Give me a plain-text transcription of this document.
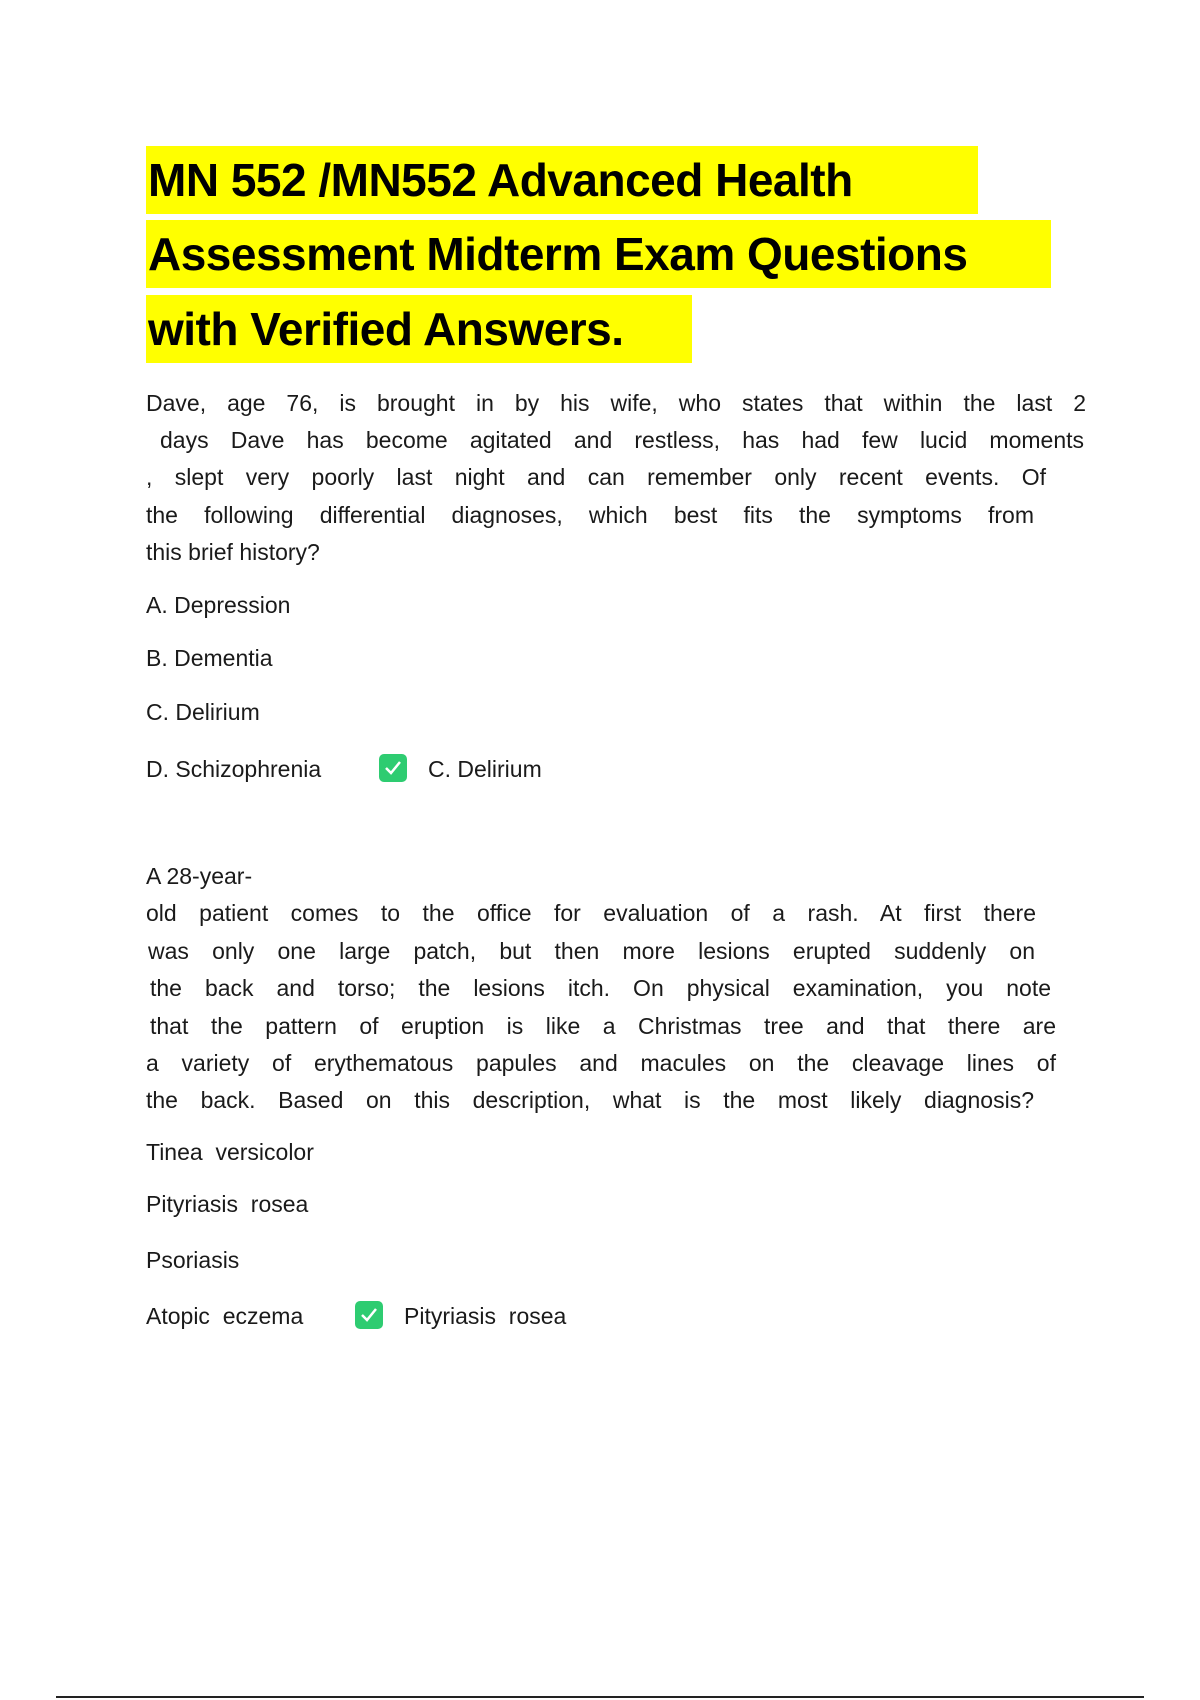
MN 552 /MN552 Advanced Health
Assessment Midterm Exam Questions
with Verified Answers.
Dave, age 76, is brought in by his wife, who states that within the last 2
days Dave has become agitated and restless, has had few lucid moments
, slept very poorly last night and can remember only recent events. Of
the following differential diagnoses, which best fits the symptoms from
this brief history?
A. Depression
B. Dementia
C. Delirium
D. Schizophrenia	C. Delirium
A 28-year-
old patient comes to the office for evaluation of a rash. At first there
was only one large patch, but then more lesions erupted suddenly on
the back and torso; the lesions itch. On physical examination, you note
that the pattern of eruption is like a Christmas tree and that there are
a variety of erythematous papules and macules on the cleavage lines of
the back. Based on this description, what is the most likely diagnosis?
Tinea  versicolor
Pityriasis  rosea
Psoriasis
Atopic  eczema	Pityriasis  rosea
